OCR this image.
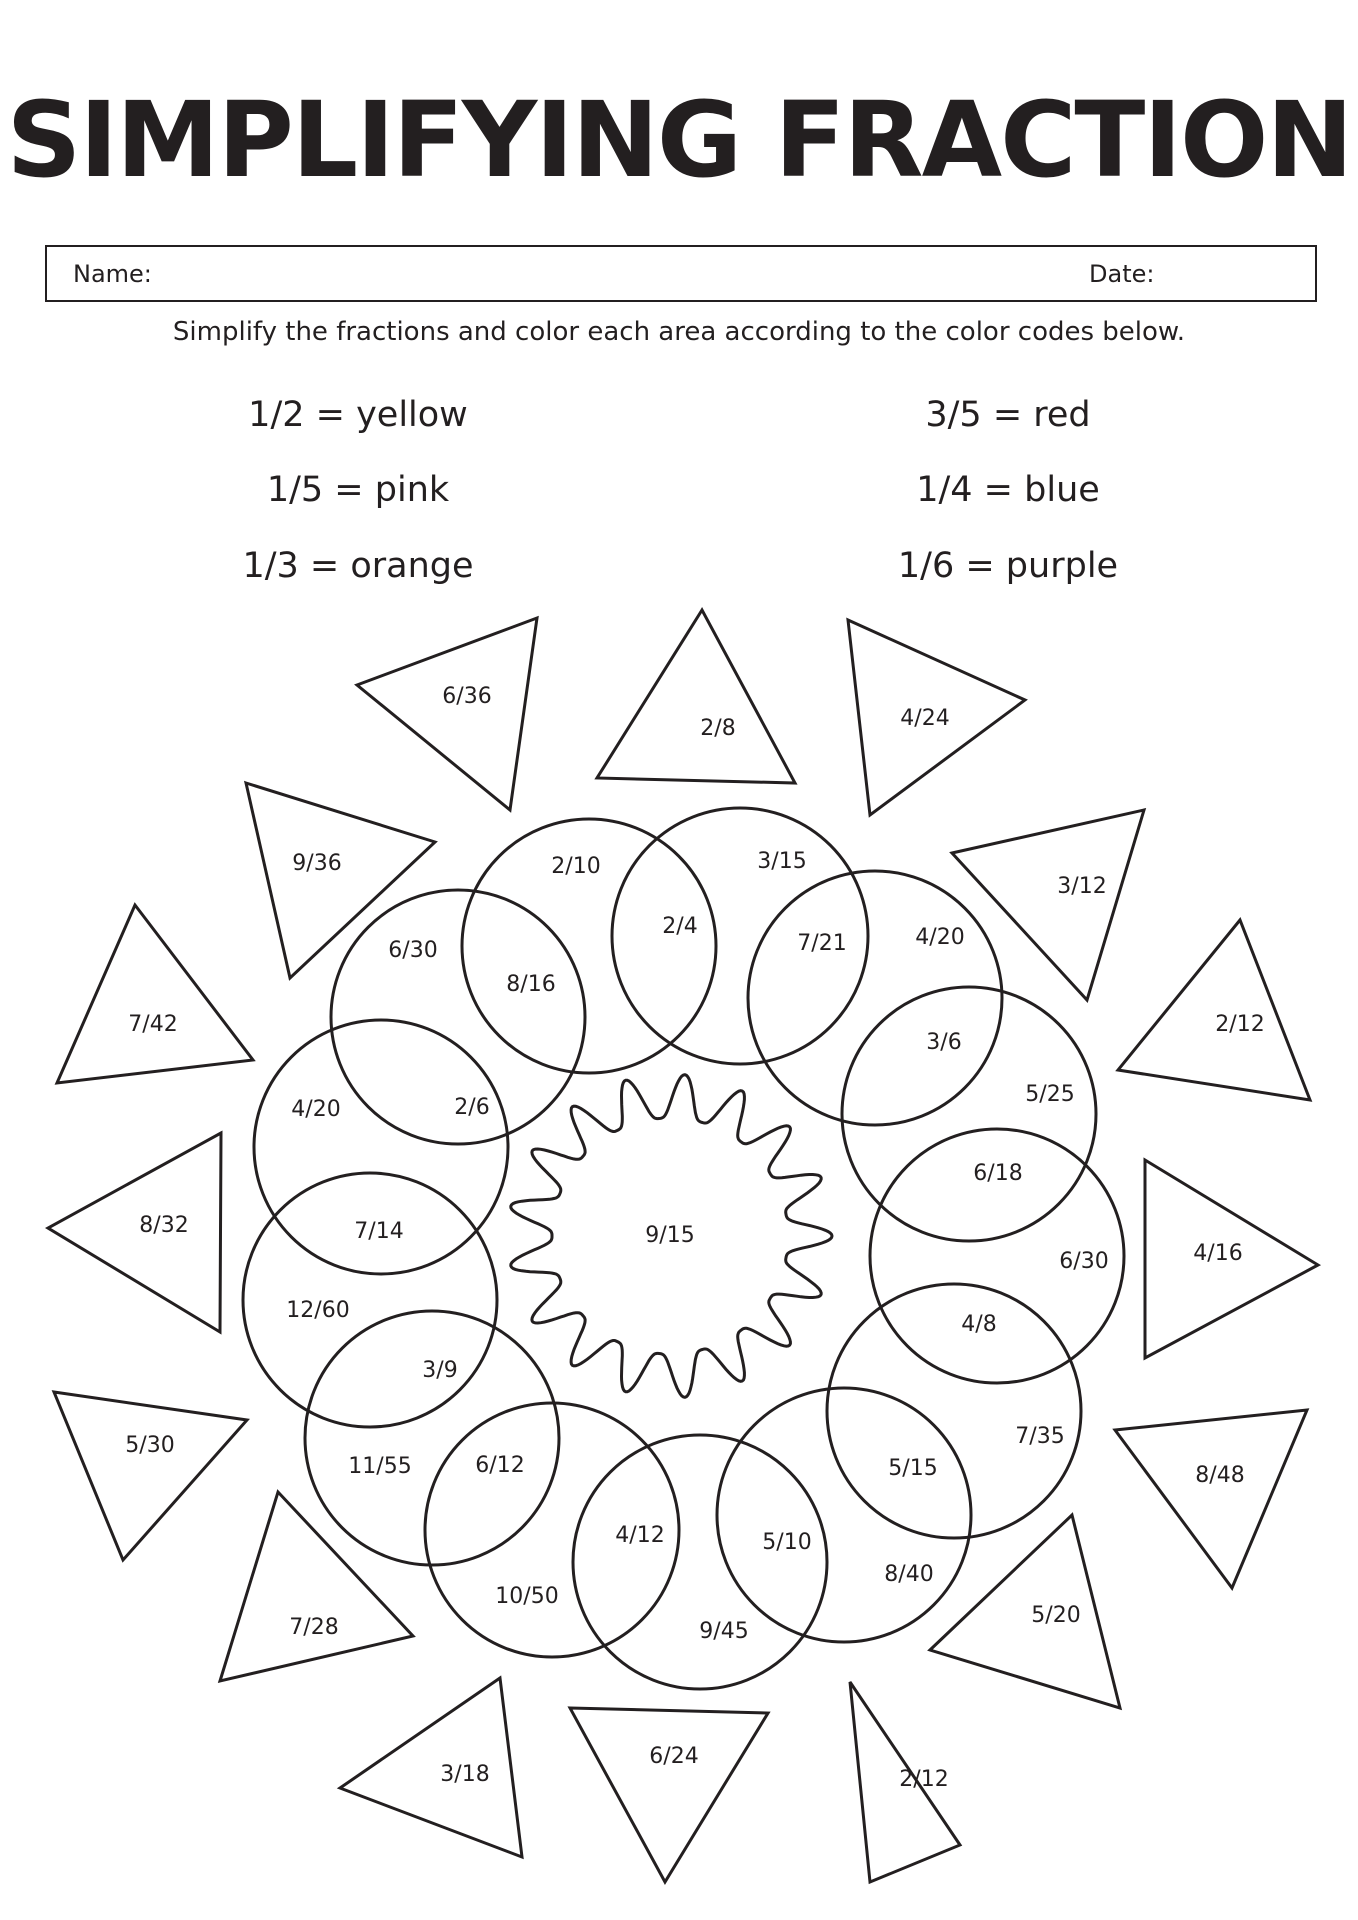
SIMPLIFYING FRACTION
Name:	Date:
Simplify the fractions and color each area according to the color codes below.
1/2 = yellow	3/5 = red
1/5 = pink	1/4 = blue
1/3 = orange	1/6 = purple
6/36
2/8	4/24
9/36
3/12
7/42	2/12
8/32
4/16
5/30
8/48
7/28	5/20
3/18
6/24
2/12
2/10	3/15
2/4
7/21	4/20
6/30
8/16
3/6
5/25
4/20	2/6
6/18
7/14
6/30
12/60
4/8
3/9
7/35
11/55	6/12	5/15
4/12	5/10
10/50
8/40
9/45
9/15
